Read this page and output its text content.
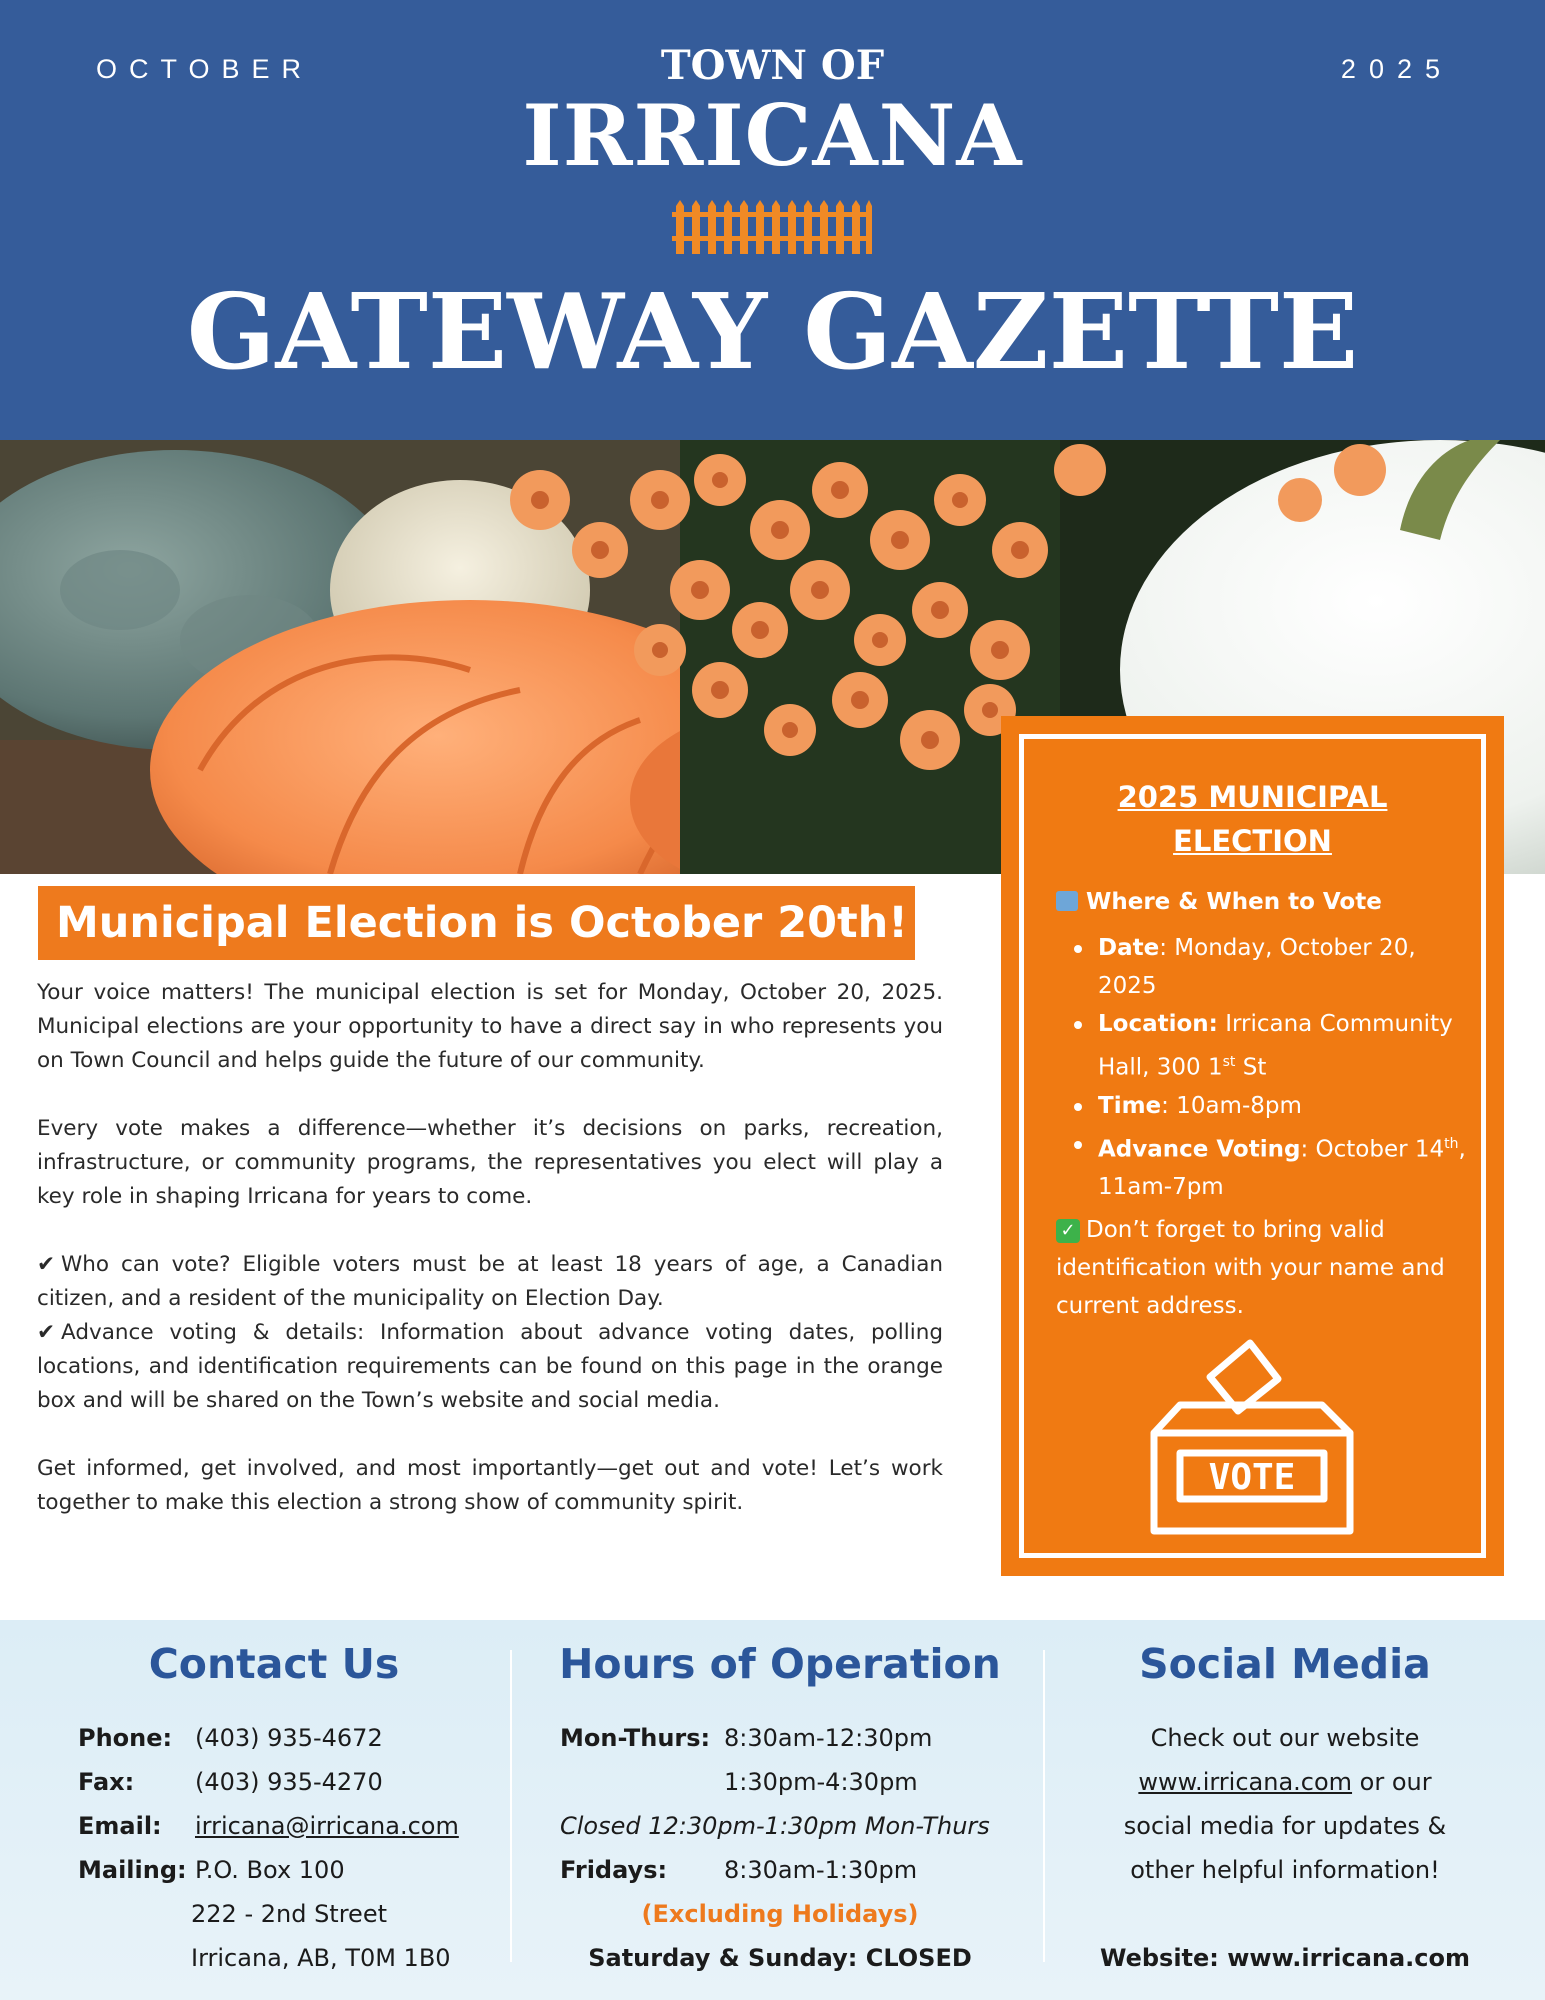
OCTOBER	TOWN OF	2025
IRRICANA
GATEWAY GAZETTE
Municipal Election is October 20th!

Your voice matters! The municipal election is set for Monday, October 20, 2025. Municipal elections are your opportunity to have a direct say in who represents you on Town Council and helps guide the future of our community.

Every vote makes a difference—whether it’s decisions on parks, recreation, infrastructure, or community programs, the representatives you elect will play a key role in shaping Irricana for years to come.

✔ Who can vote? Eligible voters must be at least 18 years of age, a Canadian citizen, and a resident of the municipality on Election Day.

✔ Advance voting & details: Information about advance voting dates, polling locations, and identification requirements can be found on this page in the orange box and will be shared on the Town’s website and social media.

Get informed, get involved, and most importantly—get out and vote! Let’s work together to make this election a strong show of community spirit.

2025 MUNICIPAL
ELECTION
Where & When to Vote
Date: Monday, October 20, 2025
Location: Irricana Community Hall, 300 1st St
Time: 10am-8pm
Advance Voting: October 14th, 11am-7pm
✓ Don’t forget to bring valid identification with your name and current address.
VOTE
Contact Us
Phone: (403) 935-4672
Fax:	(403) 935-4270
Email: irricana@irricana.com
Mailing: P.O. Box 100
222 - 2nd Street
Irricana, AB, T0M 1B0
Hours of Operation
Mon-Thurs: 8:30am-12:30pm
1:30pm-4:30pm
Closed 12:30pm-1:30pm Mon-Thurs
Fridays: 8:30am-1:30pm
(Excluding Holidays)
Saturday & Sunday: CLOSED
Social Media
Check out our website
www.irricana.com or our
social media for updates &
other helpful information!
Website: www.irricana.com
